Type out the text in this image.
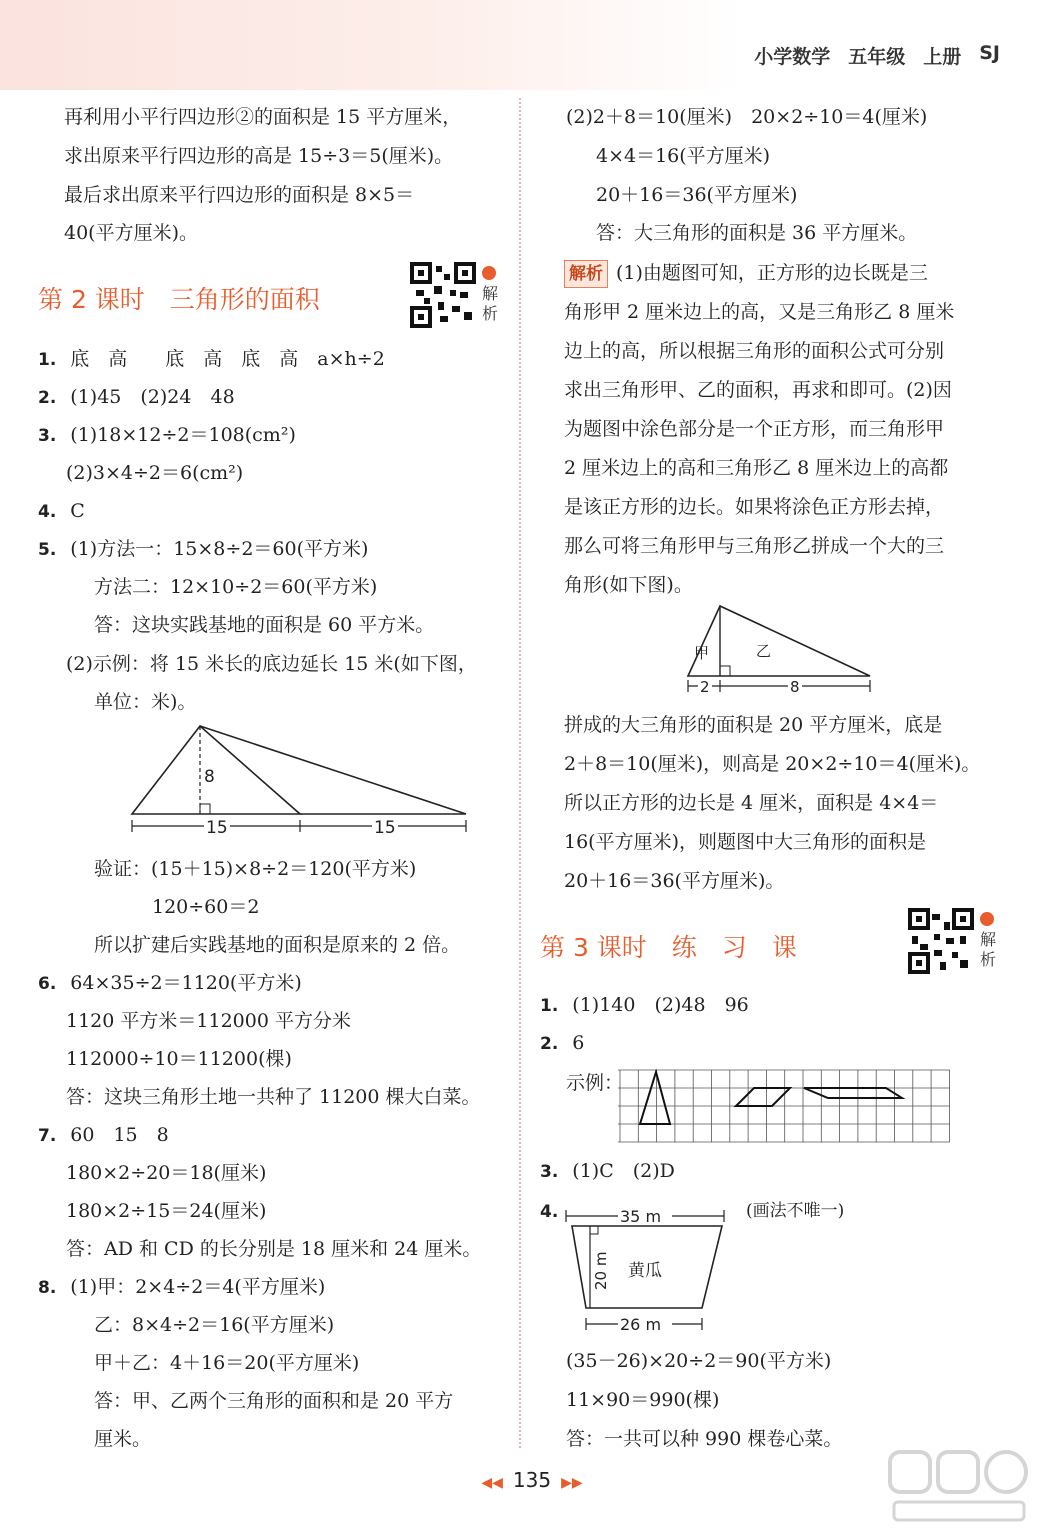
小学数学 五年级 上册 SJ
再利用小平行四边形②的面积是 15 平方厘米，
求出原来平行四边形的高是 15÷3＝5(厘米)。
最后求出原来平行四边形的面积是 8×5＝
40(平方厘米)。
第 2 课时　三角形的面积	解析
1. 底　高　　底　高　底　高　a×h÷2
2. (1)45　(2)24　48
3. (1)18×12÷2＝108(cm²)
(2)3×4÷2＝6(cm²)
4. C
5. (1)方法一：15×8÷2＝60(平方米)
方法二：12×10÷2＝60(平方米)
答：这块实践基地的面积是 60 平方米。
(2)示例：将 15 米长的底边延长 15 米(如下图，
单位：米)。
8
15	15
验证：(15＋15)×8÷2＝120(平方米)
120÷60＝2
所以扩建后实践基地的面积是原来的 2 倍。
6. 64×35÷2＝1120(平方米)
1120 平方米＝112000 平方分米
112000÷10＝11200(棵)
答：这块三角形土地一共种了 11200 棵大白菜。
7. 60　15　8
180×2÷20＝18(厘米)
180×2÷15＝24(厘米)
答：AD 和 CD 的长分别是 18 厘米和 24 厘米。
8. (1)甲：2×4÷2＝4(平方厘米)
乙：8×4÷2＝16(平方厘米)
甲＋乙：4＋16＝20(平方厘米)
答：甲、乙两个三角形的面积和是 20 平方
厘米。
(2)2＋8＝10(厘米)　20×2÷10＝4(厘米)
4×4＝16(平方厘米)
20＋16＝36(平方厘米)
答：大三角形的面积是 36 平方厘米。
解析 (1)由题图可知，正方形的边长既是三
角形甲 2 厘米边上的高，又是三角形乙 8 厘米
边上的高，所以根据三角形的面积公式可分别
求出三角形甲、乙的面积，再求和即可。(2)因
为题图中涂色部分是一个正方形，而三角形甲
2 厘米边上的高和三角形乙 8 厘米边上的高都
是该正方形的边长。如果将涂色正方形去掉，
那么可将三角形甲与三角形乙拼成一个大的三
角形(如下图)。
甲	乙
2	8
拼成的大三角形的面积是 20 平方厘米，底是
2＋8＝10(厘米)，则高是 20×2÷10＝4(厘米)。
所以正方形的边长是 4 厘米，面积是 4×4＝
16(平方厘米)，则题图中大三角形的面积是
20＋16＝36(平方厘米)。
第 3 课时　练　习　课	解析
1. (1)140　(2)48　96
2. 6
示例：
3. (1)C　(2)D
4.	(画法不唯一)
35 m
20 m 黄瓜
26 m
(35－26)×20÷2＝90(平方米)
11×90＝990(棵)
答：一共可以种 990 棵卷心菜。
◀◀ 135 ▶▶
